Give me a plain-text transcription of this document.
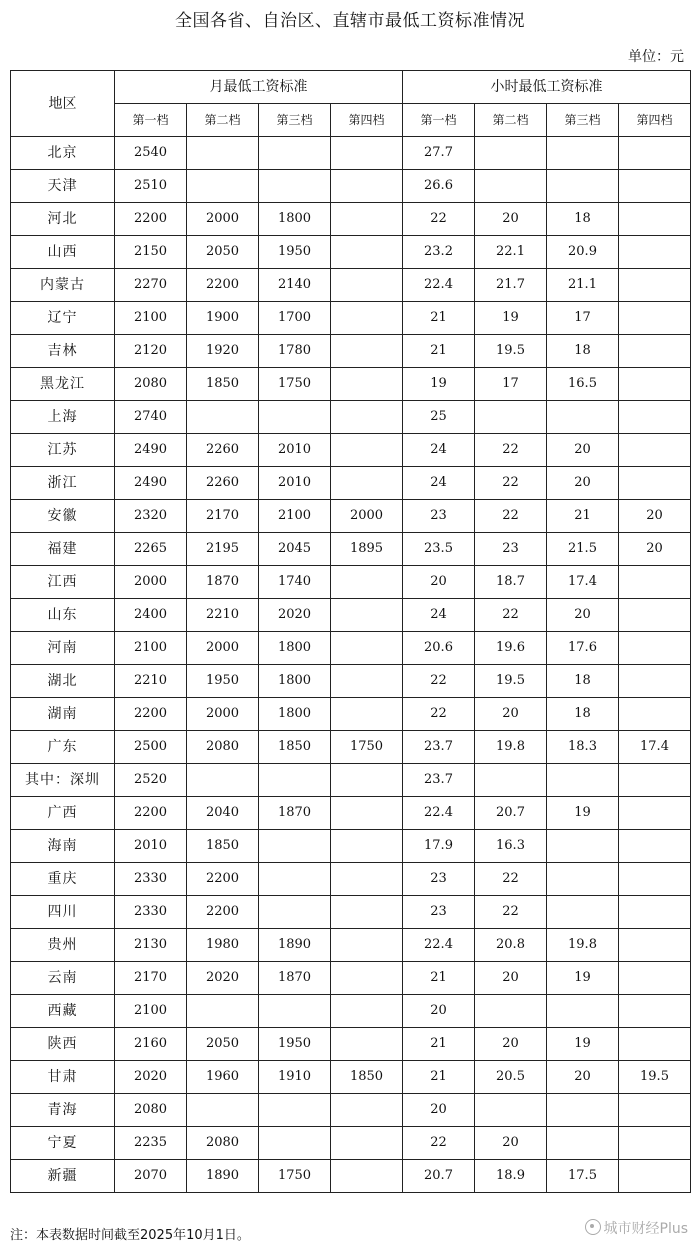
全国各省、自治区、直辖市最低工资标准情况
单位：元
地区	月最低工资标准				小时最低工资标准			
	第一档	第二档	第三档	第四档	第一档	第二档	第三档	第四档
北京	2540				27.7			
天津	2510				26.6			
河北	2200	2000	1800		22	20	18	
山西	2150	2050	1950		23.2	22.1	20.9	
内蒙古	2270	2200	2140		22.4	21.7	21.1	
辽宁	2100	1900	1700		21	19	17	
吉林	2120	1920	1780		21	19.5	18	
黑龙江	2080	1850	1750		19	17	16.5	
上海	2740				25			
江苏	2490	2260	2010		24	22	20	
浙江	2490	2260	2010		24	22	20	
安徽	2320	2170	2100	2000	23	22	21	20
福建	2265	2195	2045	1895	23.5	23	21.5	20
江西	2000	1870	1740		20	18.7	17.4	
山东	2400	2210	2020		24	22	20	
河南	2100	2000	1800		20.6	19.6	17.6	
湖北	2210	1950	1800		22	19.5	18	
湖南	2200	2000	1800		22	20	18	
广东	2500	2080	1850	1750	23.7	19.8	18.3	17.4
其中：深圳	2520				23.7			
广西	2200	2040	1870		22.4	20.7	19	
海南	2010	1850			17.9	16.3		
重庆	2330	2200			23	22		
四川	2330	2200			23	22		
贵州	2130	1980	1890		22.4	20.8	19.8	
云南	2170	2020	1870		21	20	19	
西藏	2100				20			
陕西	2160	2050	1950		21	20	19	
甘肃	2020	1960	1910	1850	21	20.5	20	19.5
青海	2080				20			
宁夏	2235	2080			22	20		
新疆	2070	1890	1750		20.7	18.9	17.5	
注：本表数据时间截至2025年10月1日。	城市财经Plus
